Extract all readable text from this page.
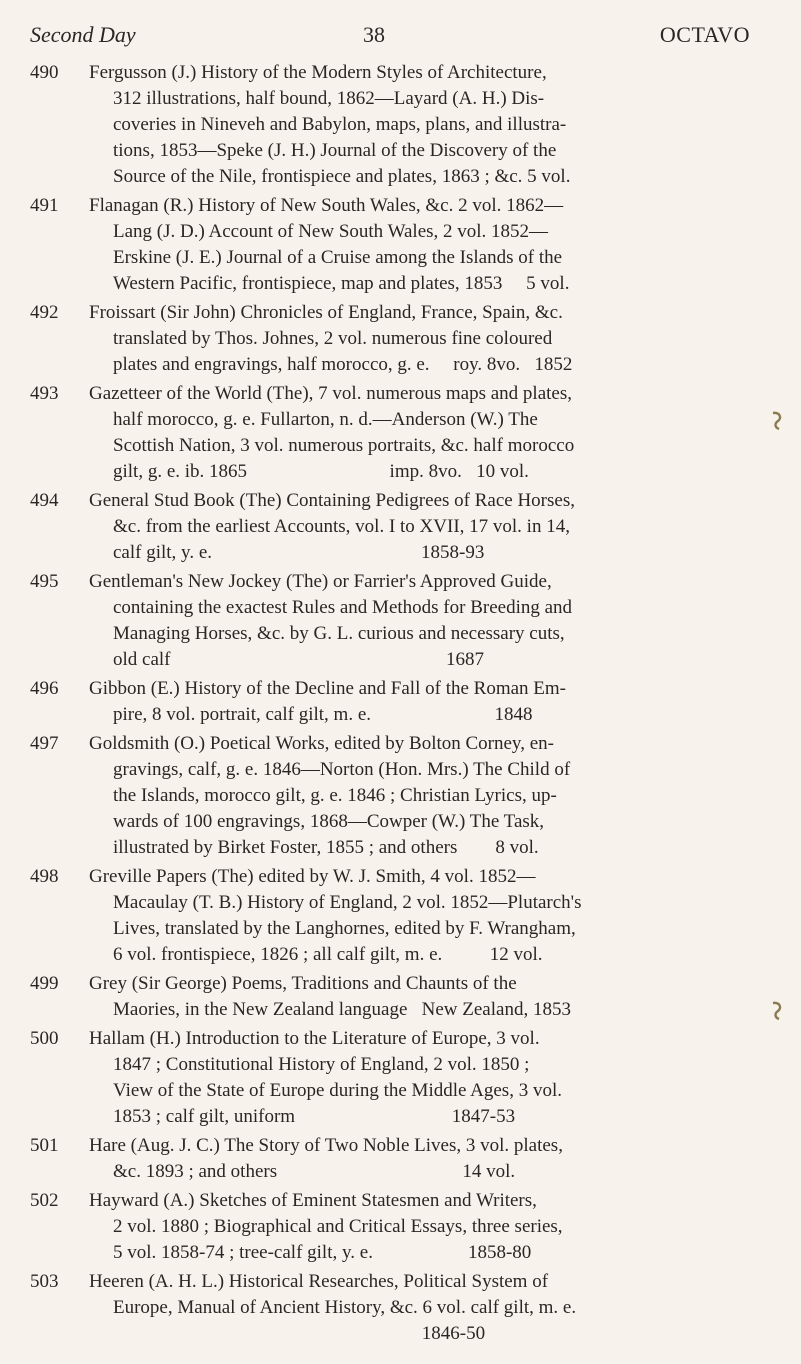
Second Day	38	OCTAVO
490	Fergusson (J.) History of the Modern Styles of Architecture,
312 illustrations, half bound, 1862—Layard (A. H.) Dis-
coveries in Nineveh and Babylon, maps, plans, and illustra-
tions, 1853—Speke (J. H.) Journal of the Discovery of the
Source of the Nile, frontispiece and plates, 1863 ; &c. 5 vol.
491	Flanagan (R.) History of New South Wales, &c. 2 vol. 1862—
Lang (J. D.) Account of New South Wales, 2 vol. 1852—
Erskine (J. E.) Journal of a Cruise among the Islands of the
Western Pacific, frontispiece, map and plates, 1853     5 vol.
492	Froissart (Sir John) Chronicles of England, France, Spain, &c.
translated by Thos. Johnes, 2 vol. numerous fine coloured
plates and engravings, half morocco, g. e.     roy. 8vo.   1852
493	Gazetteer of the World (The), 7 vol. numerous maps and plates,
half morocco, g. e. Fullarton, n. d.—Anderson (W.) The
Scottish Nation, 3 vol. numerous portraits, &c. half morocco
gilt, g. e. ib. 1865                              imp. 8vo.   10 vol.
494	General Stud Book (The) Containing Pedigrees of Race Horses,
&c. from the earliest Accounts, vol. I to XVII, 17 vol. in 14,
calf gilt, y. e.                                            1858-93
495	Gentleman's New Jockey (The) or Farrier's Approved Guide,
containing the exactest Rules and Methods for Breeding and
Managing Horses, &c. by G. L. curious and necessary cuts,
old calf                                                          1687
496	Gibbon (E.) History of the Decline and Fall of the Roman Em-
pire, 8 vol. portrait, calf gilt, m. e.                          1848
497	Goldsmith (O.) Poetical Works, edited by Bolton Corney, en-
gravings, calf, g. e. 1846—Norton (Hon. Mrs.) The Child of
the Islands, morocco gilt, g. e. 1846 ; Christian Lyrics, up-
wards of 100 engravings, 1868—Cowper (W.) The Task,
illustrated by Birket Foster, 1855 ; and others        8 vol.
498	Greville Papers (The) edited by W. J. Smith, 4 vol. 1852—
Macaulay (T. B.) History of England, 2 vol. 1852—Plutarch's
Lives, translated by the Langhornes, edited by F. Wrangham,
6 vol. frontispiece, 1826 ; all calf gilt, m. e.          12 vol.
499	Grey (Sir George) Poems, Traditions and Chaunts of the
Maories, in the New Zealand language   New Zealand, 1853
500	Hallam (H.) Introduction to the Literature of Europe, 3 vol.
1847 ; Constitutional History of England, 2 vol. 1850 ;
View of the State of Europe during the Middle Ages, 3 vol.
1853 ; calf gilt, uniform                                 1847-53
501	Hare (Aug. J. C.) The Story of Two Noble Lives, 3 vol. plates,
&c. 1893 ; and others                                       14 vol.
502	Hayward (A.) Sketches of Eminent Statesmen and Writers,
2 vol. 1880 ; Biographical and Critical Essays, three series,
5 vol. 1858-74 ; tree-calf gilt, y. e.                    1858-80
503	Heeren (A. H. L.) Historical Researches, Political System of
Europe, Manual of Ancient History, &c. 6 vol. calf gilt, m. e.
1846-50
